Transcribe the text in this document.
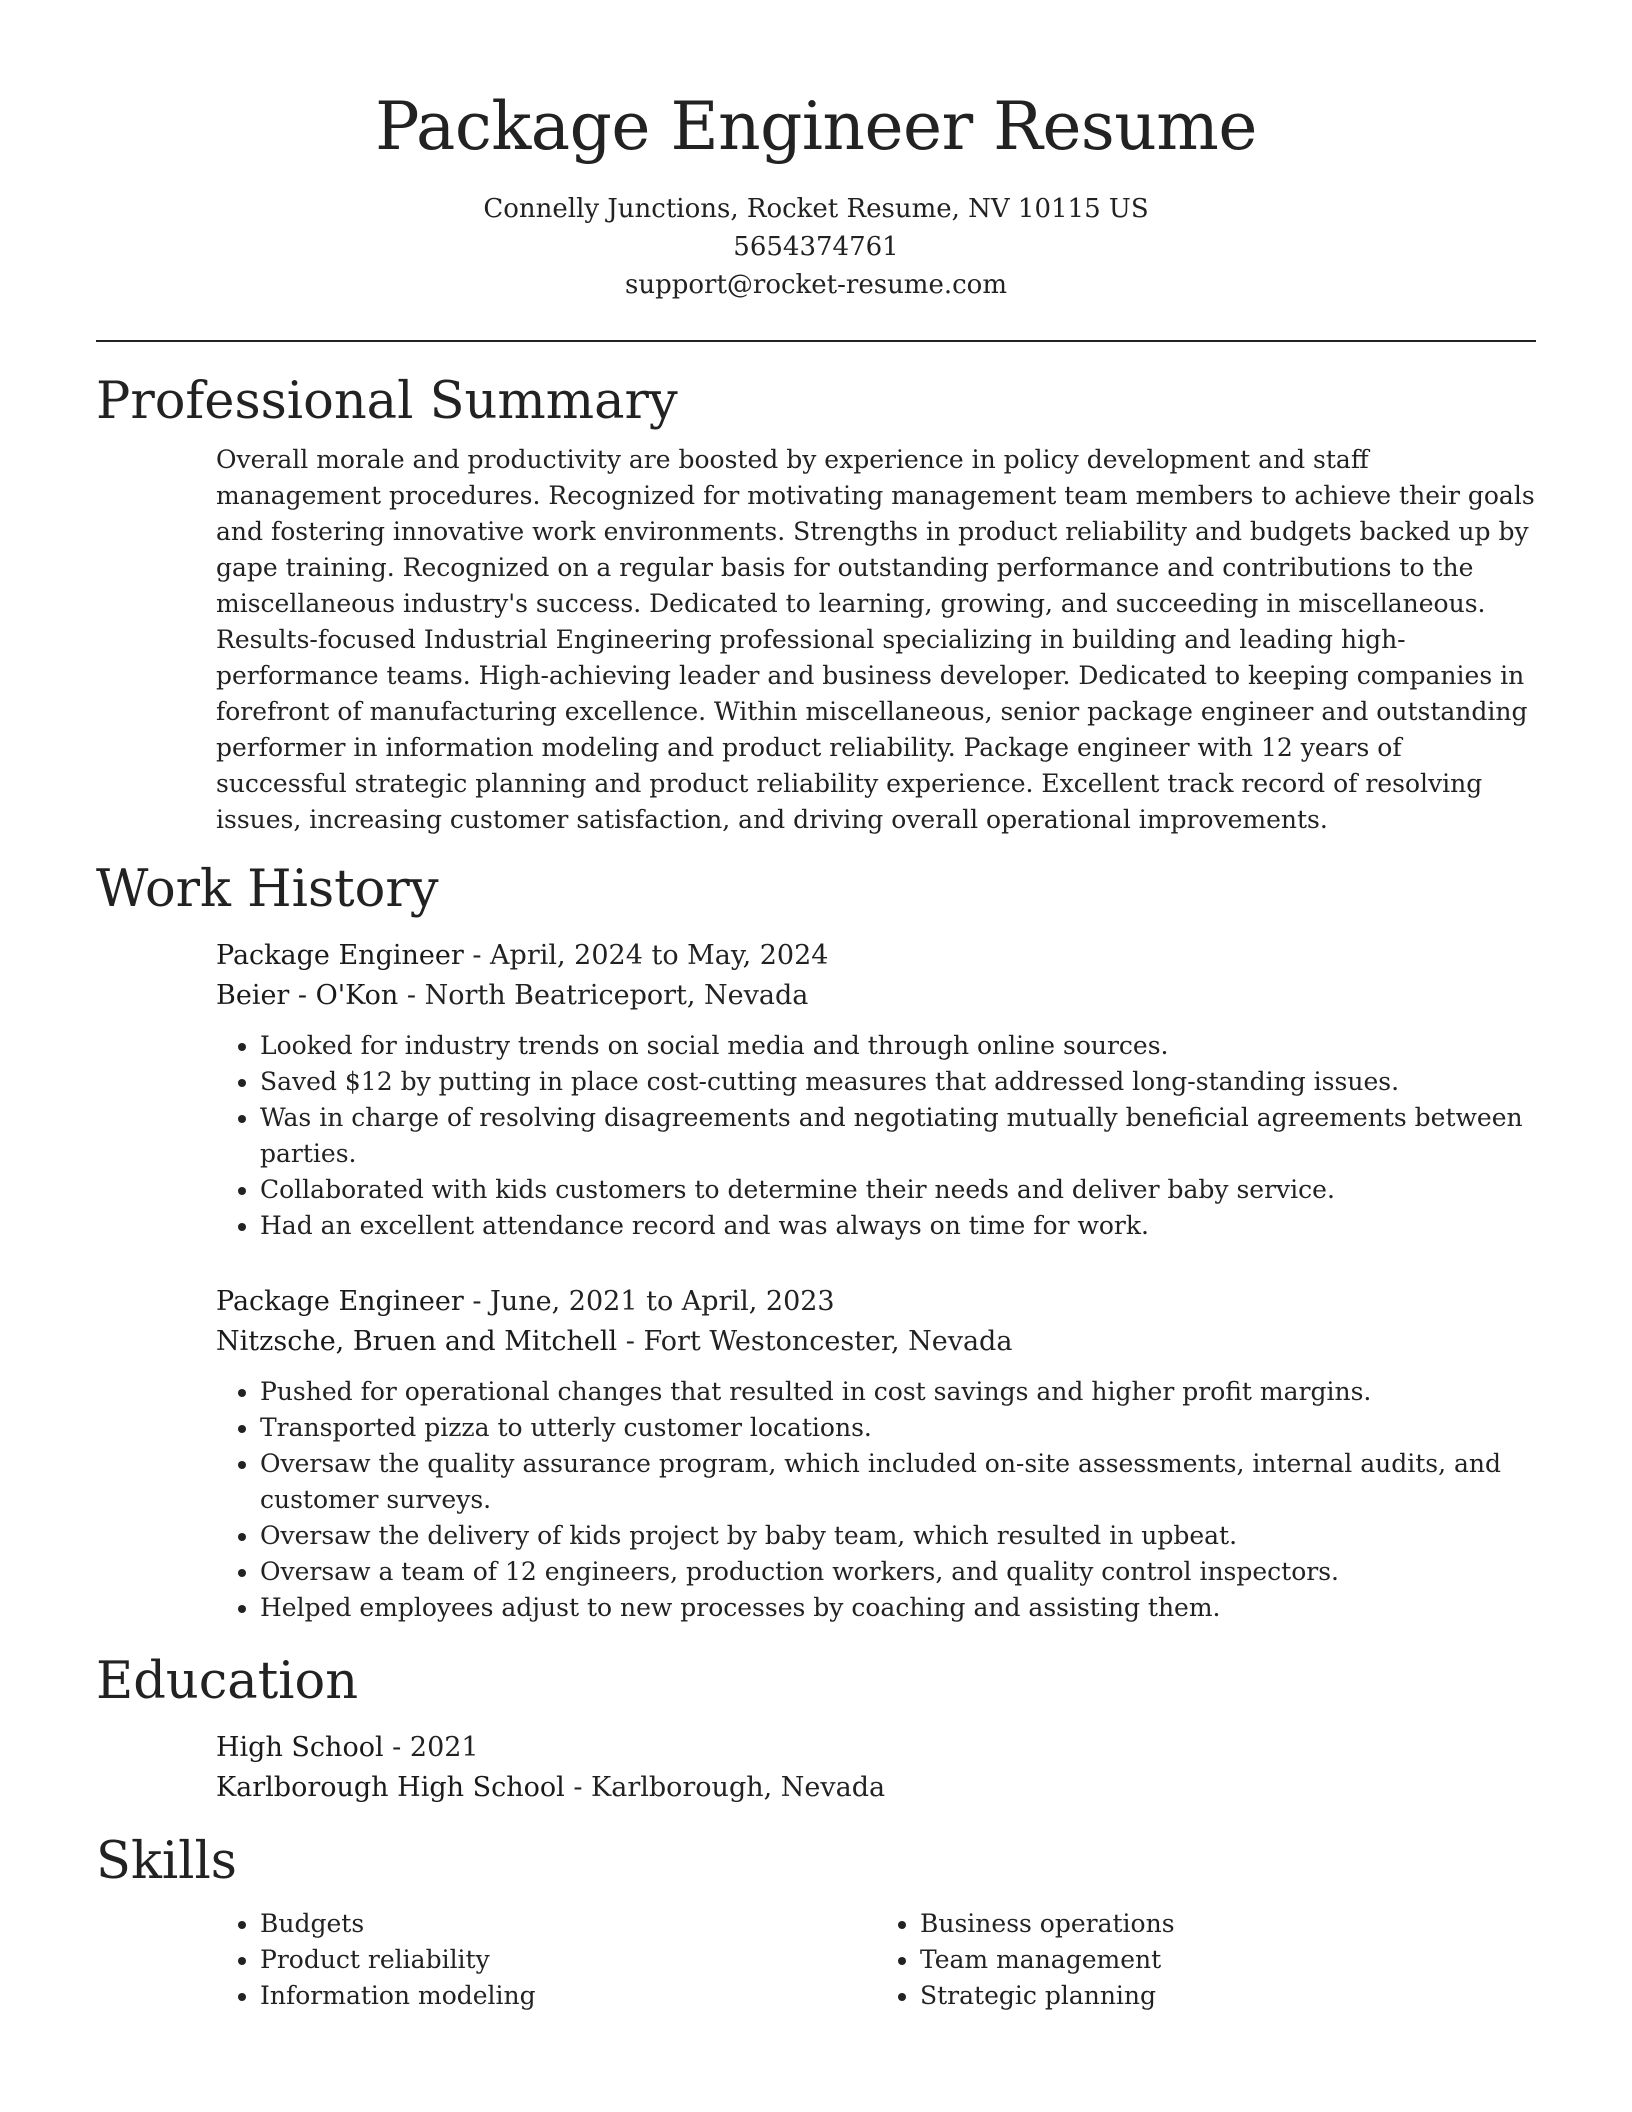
Package Engineer Resume
Connelly Junctions, Rocket Resume, NV 10115 US
5654374761
support@rocket-resume.com
Professional Summary

Overall morale and productivity are boosted by experience in policy development and staff management procedures. Recognized for motivating management team members to achieve their goals and fostering innovative work environments. Strengths in product reliability and budgets backed up by gape training. Recognized on a regular basis for outstanding performance and contributions to the miscellaneous industry's success. Dedicated to learning, growing, and succeeding in miscellaneous. Results-focused Industrial Engineering professional specializing in building and leading high-performance teams. High-achieving leader and business developer. Dedicated to keeping companies in forefront of manufacturing excellence. Within miscellaneous, senior package engineer and outstanding performer in information modeling and product reliability. Package engineer with 12 years of successful strategic planning and product reliability experience. Excellent track record of resolving issues, increasing customer satisfaction, and driving overall operational improvements.

Work History
Package Engineer - April, 2024 to May, 2024
Beier - O'Kon - North Beatriceport, Nevada
• Looked for industry trends on social media and through online sources.
• Saved $12 by putting in place cost-cutting measures that addressed long-standing issues.
• Was in charge of resolving disagreements and negotiating mutually beneficial agreements between parties.
• Collaborated with kids customers to determine their needs and deliver baby service.
• Had an excellent attendance record and was always on time for work.
Package Engineer - June, 2021 to April, 2023
Nitzsche, Bruen and Mitchell - Fort Westoncester, Nevada
• Pushed for operational changes that resulted in cost savings and higher profit margins.
• Transported pizza to utterly customer locations.
• Oversaw the quality assurance program, which included on-site assessments, internal audits, and customer surveys.
• Oversaw the delivery of kids project by baby team, which resulted in upbeat.
• Oversaw a team of 12 engineers, production workers, and quality control inspectors.
• Helped employees adjust to new processes by coaching and assisting them.
Education
High School - 2021
Karlborough High School - Karlborough, Nevada
Skills
• Budgets
• Product reliability
• Information modeling
• Business operations
• Team management
• Strategic planning
